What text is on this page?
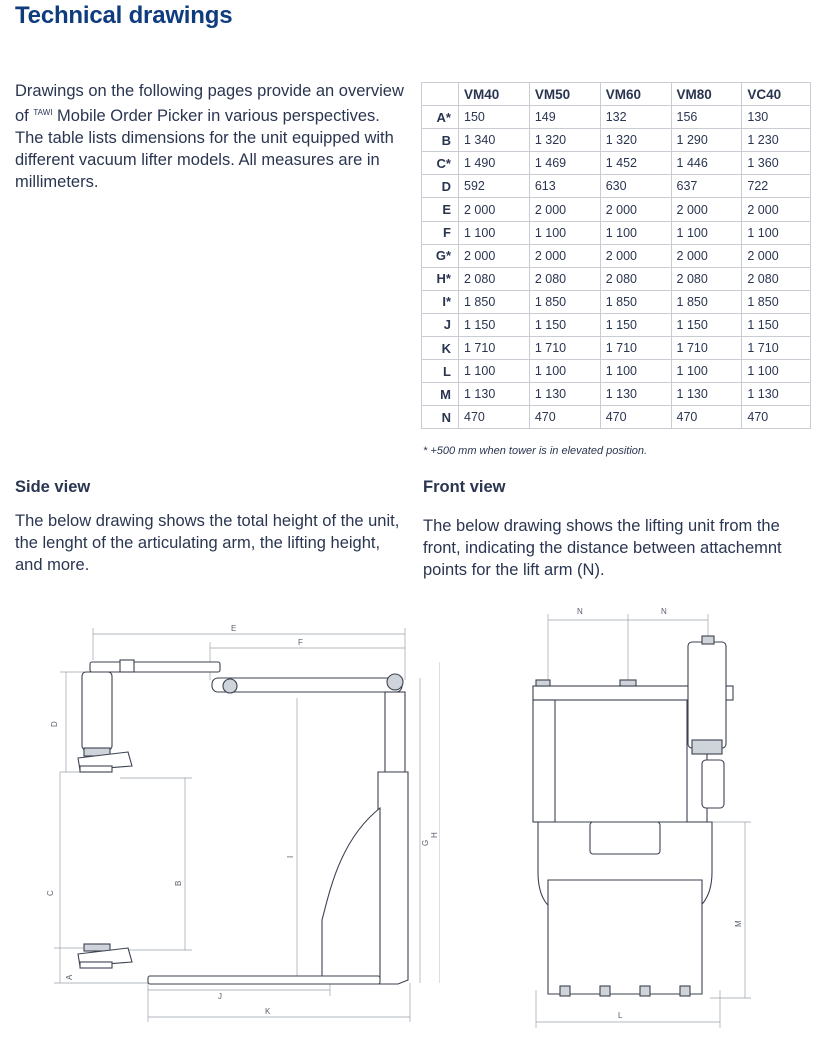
Technical drawings
Drawings on the following pages provide an overview of $^{TAWI}$ Mobile Order Picker in various perspectives. The table lists dimensions for the unit equipped with different vacuum lifter models. All measures are in millimeters.
	VM40	VM50	VM60	VM80	VC40
A*	150	149	132	156	130
B	1 340	1 320	1 320	1 290	1 230
C*	1 490	1 469	1 452	1 446	1 360
D	592	613	630	637	722
E	2 000	2 000	2 000	2 000	2 000
F	1 100	1 100	1 100	1 100	1 100
G*	2 000	2 000	2 000	2 000	2 000
H*	2 080	2 080	2 080	2 080	2 080
I*	1 850	1 850	1 850	1 850	1 850
J	1 150	1 150	1 150	1 150	1 150
K	1 710	1 710	1 710	1 710	1 710
L	1 100	1 100	1 100	1 100	1 100
M	1 130	1 130	1 130	1 130	1 130
N	470	470	470	470	470
* +500 mm when tower is in elevated position.
Side view
The below drawing shows the total height of the unit, the lenght of the articulating arm, the lifting height, and more.
Front view
The below drawing shows the lifting unit from the front, indicating the distance between attachemnt points for the lift arm (N).
E
F
D
C
A
B
I
G
H
J
K
N	N
M
L
